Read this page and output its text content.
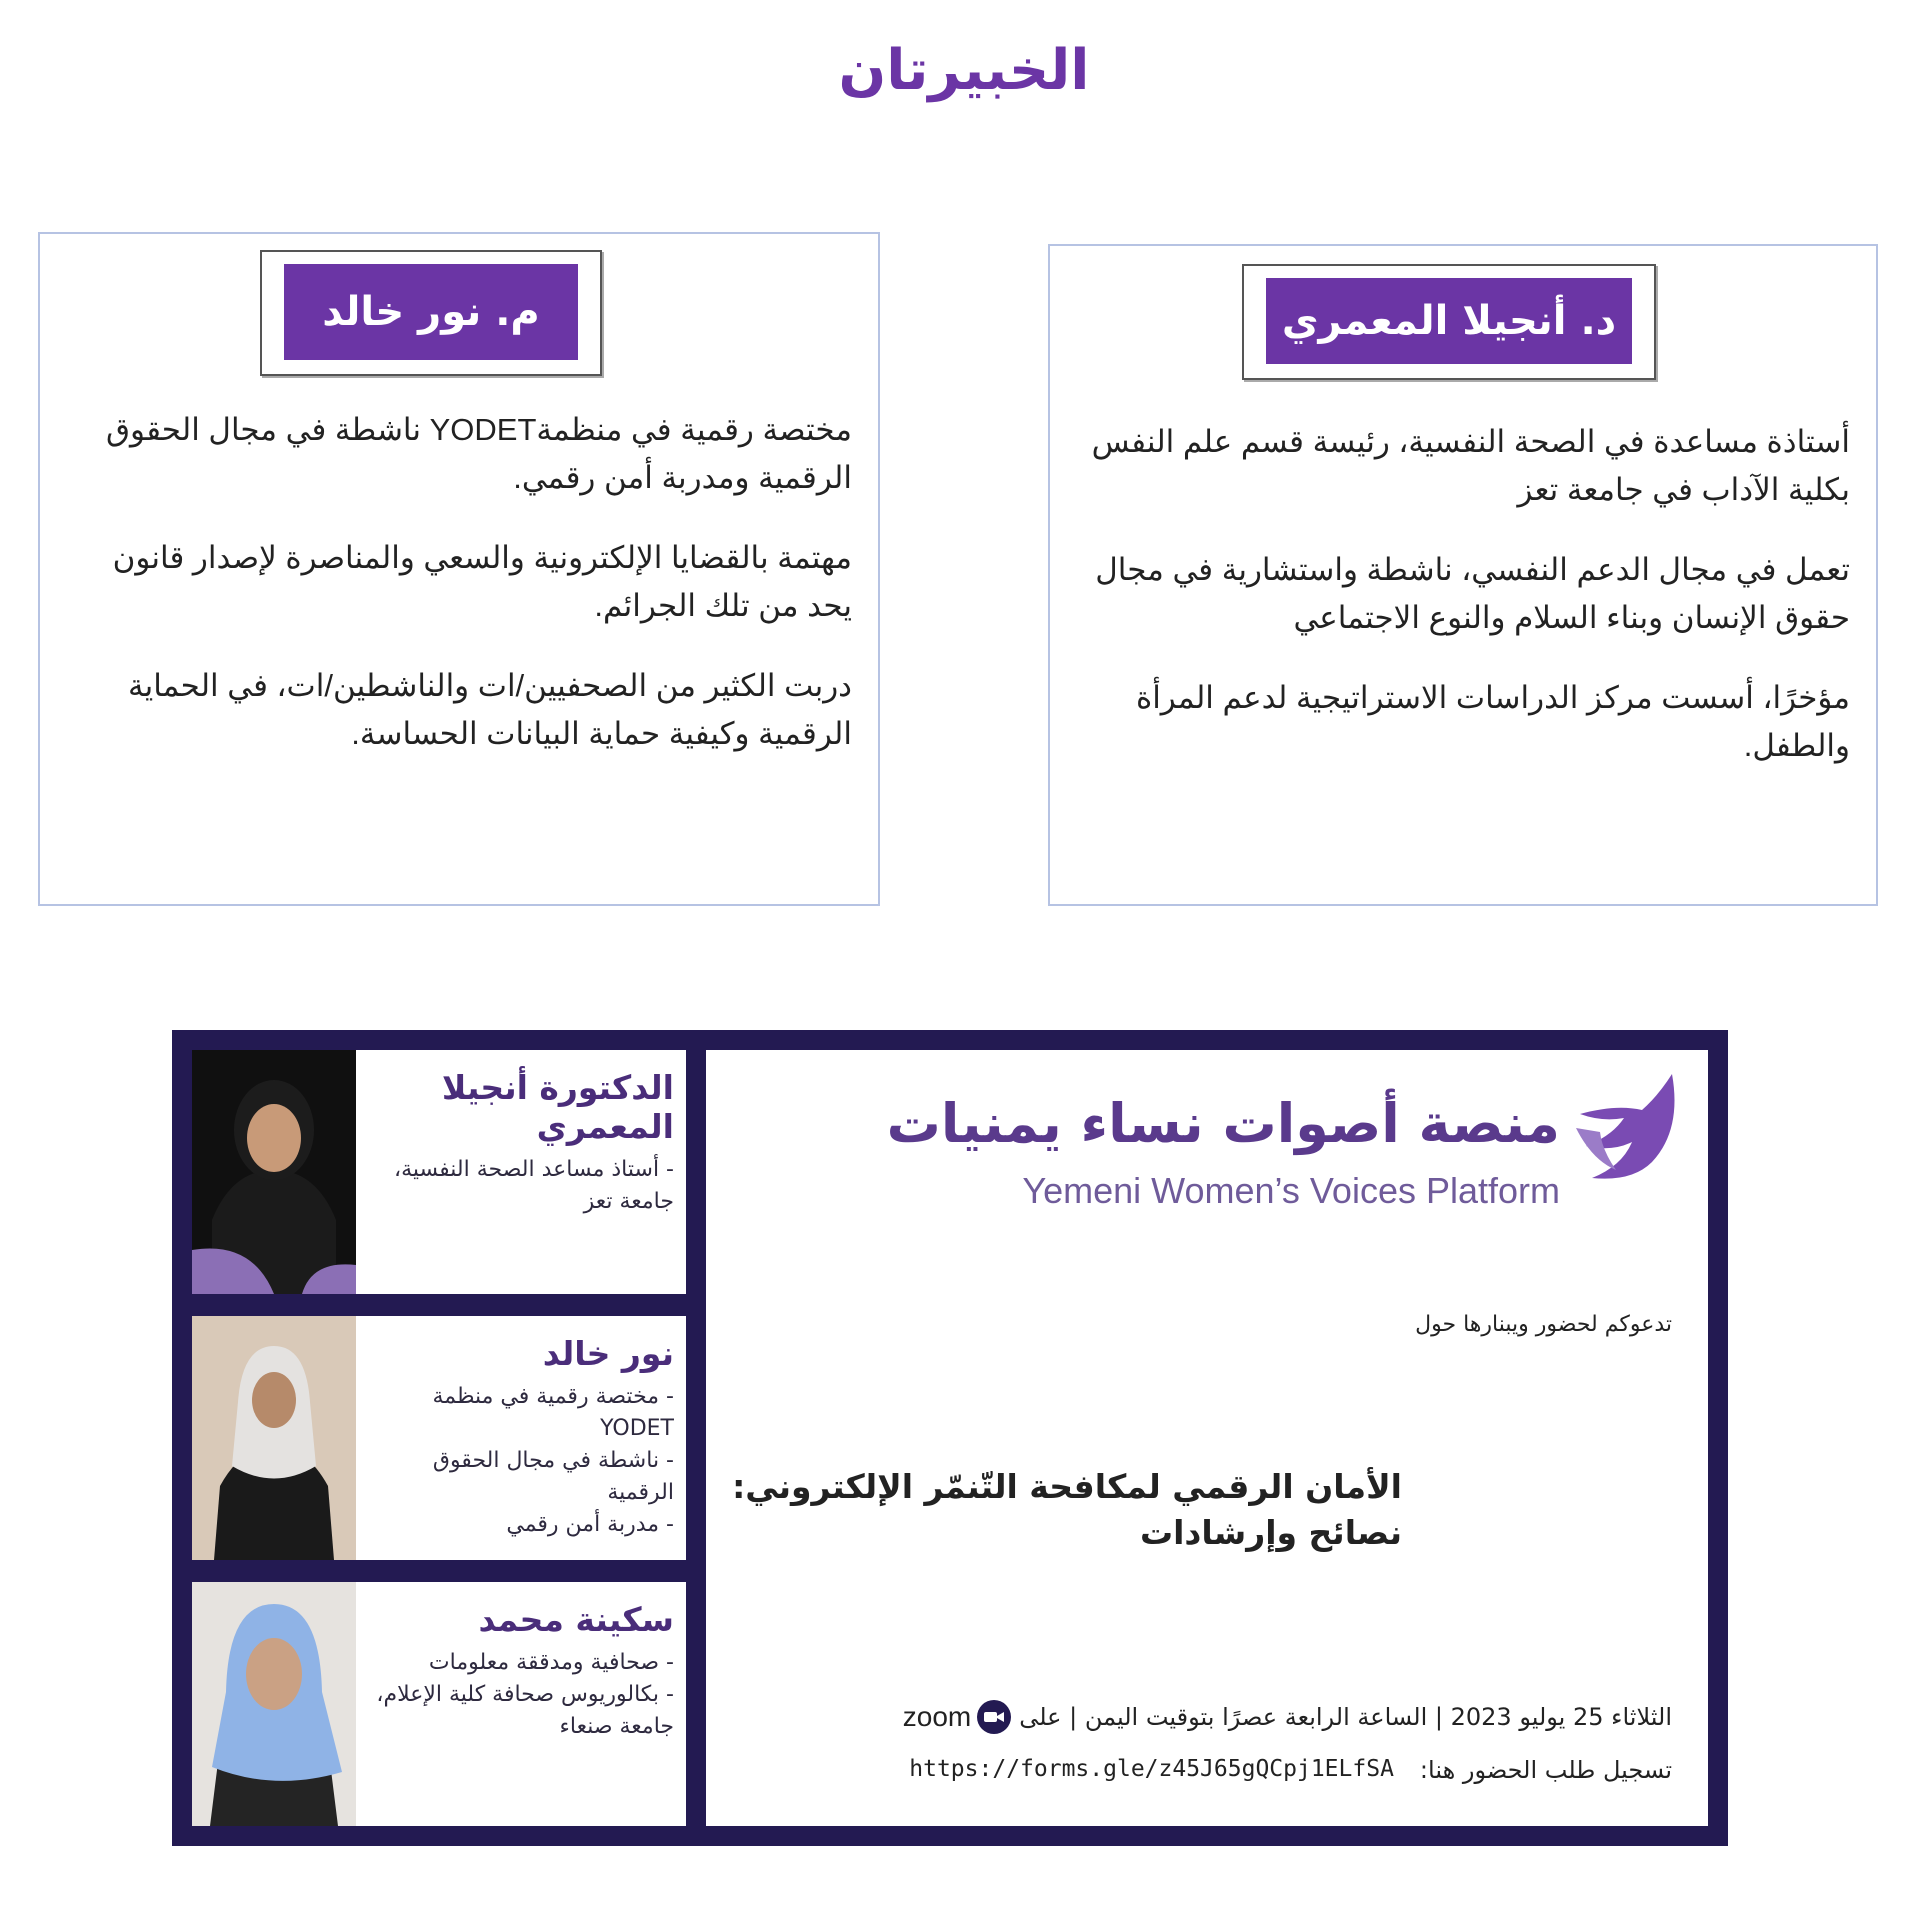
الخبيرتان
م. نور خالد

مختصة رقمية في منظمةYODET ناشطة في مجال الحقوق الرقمية ومدربة أمن رقمي.

مهتمة بالقضايا الإلكترونية والسعي والمناصرة لإصدار قانون يحد من تلك الجرائم.

دربت الكثير من الصحفيين/ات والناشطين/ات، في الحماية الرقمية وكيفية حماية البيانات الحساسة.

د. أنجيلا المعمري

أستاذة مساعدة في الصحة النفسية، رئيسة قسم علم النفس بكلية الآداب في جامعة تعز

تعمل في مجال الدعم النفسي، ناشطة واستشارية في مجال حقوق الإنسان وبناء السلام والنوع الاجتماعي

مؤخرًا، أسست مركز الدراسات الاستراتيجية لدعم المرأة والطفل.

الدكتورة أنجيلا المعمري
- أستاذ مساعد الصحة النفسية،
جامعة تعز
نور خالد
- مختصة رقمية في منظمة YODET
- ناشطة في مجال الحقوق الرقمية
- مدربة أمن رقمي
سكينة محمد
- صحافية ومدققة معلومات
- بكالوريوس صحافة كلية الإعلام،
جامعة صنعاء
منصة أصوات نساء يمنيات
Yemeni Women’s Voices Platform
تدعوكم لحضور ويبنارها حول
الأمان الرقمي لمكافحة التّنمّر الإلكتروني:
نصائح وإرشادات
الثلاثاء 25 يوليو 2023 | الساعة الرابعة عصرًا بتوقيت اليمن | على
zoom
تسجيل طلب الحضور هنا:
https://forms.gle/z45J65gQCpj1ELfSA
